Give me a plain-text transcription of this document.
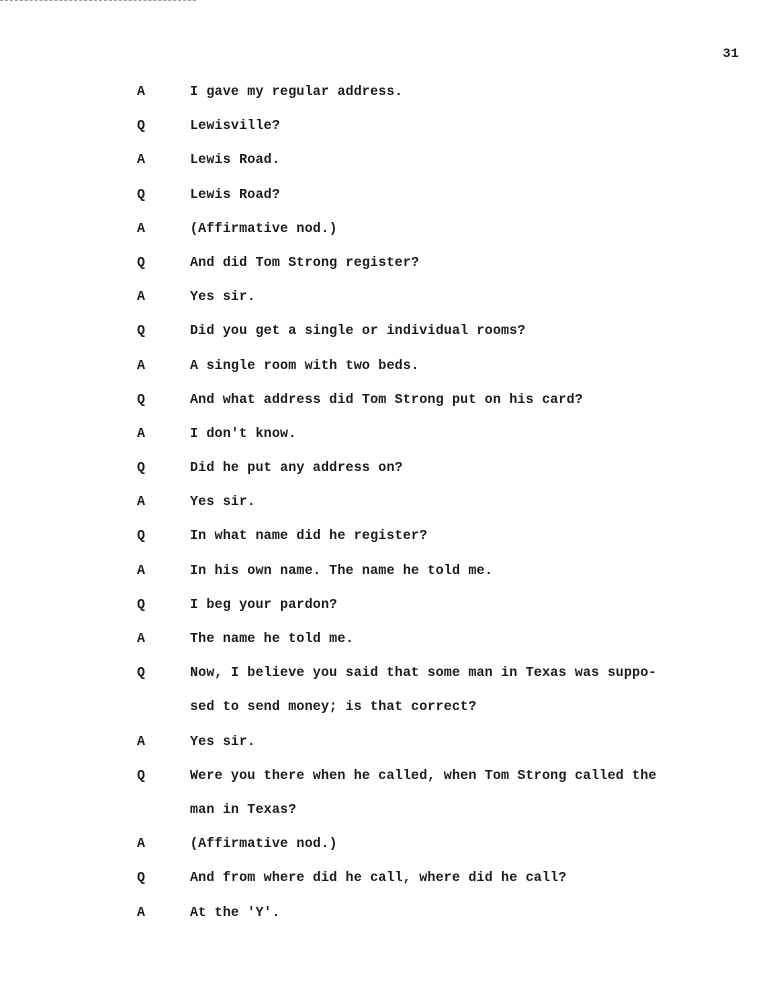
31
A	I gave my regular address.
Q	Lewisville?
A	Lewis Road.
Q	Lewis Road?
A	(Affirmative nod.)
Q	And did Tom Strong register?
A	Yes sir.
Q	Did you get a single or individual rooms?
A	A single room with two beds.
Q	And what address did Tom Strong put on his card?
A	I don't know.
Q	Did he put any address on?
A	Yes sir.
Q	In what name did he register?
A	In his own name. The name he told me.
Q	I beg your pardon?
A	The name he told me.
Q	Now, I believe you said that some man in Texas was suppo-
sed to send money; is that correct?
A	Yes sir.
Q	Were you there when he called, when Tom Strong called the
man in Texas?
A	(Affirmative nod.)
Q	And from where did he call, where did he call?
A	At the 'Y'.
